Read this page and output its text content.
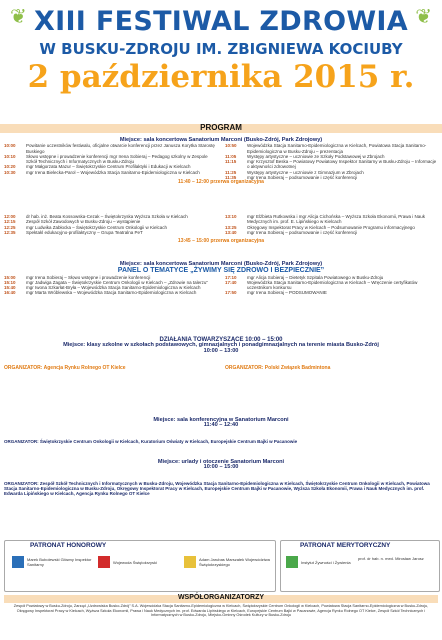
❦	❦
XIII FESTIWAL ZDROWIA
W BUSKU-ZDROJU IM. ZBIGNIEWA KOCIUBY
2 października 2015 r.
PROGRAM
Miejsce: sala koncertowa Sanatorium Marconi (Busko-Zdrój, Park Zdrojowy)
10:00	Powitanie uczestników festiwalu, oficjalne otwarcie konferencji przez Janusza Korytka Starostę Buskiego
10:10	Słowo wstępne i prowadzenie konferencji mgr Irena Sobieraj – Pedagog szkolny w Zespole Szkół Technicznych i Informatycznych w Busku-Zdroju
10:20	mgr Małgorzata Mazur – Świętokrzyskie Centrum Profilaktyki i Edukacji w Kielcach
10:30	mgr Irena Bielecka-Parol – Wojewódzka Stacja Sanitarno-Epidemiologiczna w Kielcach
10:50	Wojewódzka Stacja Sanitarno-Epidemiologiczna w Kielcach, Powiatowa Stacja Sanitarno-Epidemiologiczna w Busku-Zdroju – prezentacja
11:05	Występy artystyczne – uczniowie ze Szkoły Podstawowej w Zbrojach
11:15	mgr Krzysztof Beska – Powiatowy Powiatowy Inspektor Sanitarny w Busku-Zdroju – Informacje o aktywności zdrowotnej
11:25	Występy artystyczne – uczniowie z Gimnazjum w Zbrojach
11:35	mgr Irena Sobieraj – podsumowanie i część konferencji
11:40 – 12:00 przerwa organizacyjna
12:00	dr hab. inż. Beata Kossowska-Cezak – Świętokrzyska Wyższa Szkoła w Kielcach
12:15	Zespół Szkół Zawodowych w Busku-Zdroju – wystąpienie
12:25	mgr Ludwika Zabłocka – Świętokrzyskie Centrum Onkologii w Kielcach
12:35	Spektakl edukacyjno-profilaktyczny – Grupa Teatralna PeT
13:10	mgr Elżbieta Rutkowska i mgr Alicja Cichońska – Wyższa Szkoła Ekonomii, Prawa i Nauk Medycznych im. prof. E. Lipińskiego w Kielcach
13:25	Okręgowy Inspektorat Pracy w Kielcach – Podsumowanie Programu informacyjnego
13:40	mgr Irena Sobieraj – podsumowanie i część konferencji
13:45 – 15:00 przerwa organizacyjna
Miejsce: sala koncertowa Sanatorium Marconi (Busko-Zdrój, Park Zdrojowy)
PANEL O TEMATYCE „ŻYWIMY SIĘ ZDROWO I BEZPIECZNIE”
15:00	mgr Irena Sobieraj – Słowo wstępne i prowadzenie konferencji
15:10	mgr Jadwiga Zagata – Świętokrzyskie Centrum Onkologii w Kielcach – „Zdrowie na talerzu”
15:40	mgr Iwona Szkarłat-Bryła – Wojewódzka Stacja Sanitarno-Epidemiologiczna w Kielcach
16:40	mgr Marta Wróblewska – Wojewódzka Stacja Sanitarno-Epidemiologiczna w Kielcach
17:10	mgr Alicja Sobieraj – Dietetyk Szpitala Powiatowego w Busku-Zdroju
17:40	Wojewódzka Stacja Sanitarno-Epidemiologiczna w Kielcach – Wręczenie certyfikatów uczestnikom konkursu
17:50	mgr Irena Sobieraj – PODSUMOWANIE
DZIAŁANIA TOWARZYSZĄCE 10:00 – 15:00
Miejsce: klasy szkolne w szkołach podstawowych, gimnazjalnych i ponadgimnazjalnych na terenie miasta Busko-Zdrój
10:00 – 13:00
ORGANIZATOR: Agencja Rynku Rolnego OT Kielce	ORGANIZATOR: Polski Związek Badmintona
Miejsce: sala konferencyjna w Sanatorium Marconi
11:40 – 12:40
ORGANIZATOR: Świętokrzyskie Centrum Onkologii w Kielcach, Kuratorium Oświaty w Kielcach, Europejskie Centrum Bajki w Pacanowie
Miejsce: urlady i otoczenie Sanatorium Marconi
10:00 – 15:00
ORGANIZATOR: Zespół Szkół Technicznych i Informatycznych w Busku-Zdroju, Wojewódzka Stacja Sanitarno-Epidemiologiczna w Kielcach, Świętokrzyskie Centrum Onkologii w Kielcach, Powiatowa Stacja Sanitarno-Epidemiologiczna w Busku-Zdroju, Okręgowy Inspektorat Pracy w Kielcach, Europejskie Centrum Bajki w Pacanowie, Wyższa Szkoła Ekonomii, Prawa i Nauk Medycznych im. prof. Edwarda Lipińskiego w Kielcach, Agencja Rynku Rolnego OT Kielce
PATRONAT HONOROWY	PATRONAT MERYTORYCZNY
Marek Bubolewski Główny Inspektor Sanitarny	Wojewoda Świętokrzyski	Adam Jarubas Marszałek Województwa Świętokrzyskiego	Instytut Żywności i Żywienia
prof. dr hab. n. med. Mirosław Jarosz
WSPÓŁORGANIZATORZY
Zespół Powiatowy w Busku-Zdroju, Zarząd „Uzdrowiska Busko-Zdrój” S.A. Wojewódzka Stacja Sanitarno-Epidemiologiczna w Kielcach, Świętokrzyskie Centrum Onkologii w Kielcach, Powiatowa Stacja Sanitarno-Epidemiologiczna w Busku-Zdroju, Okręgowy Inspektorat Pracy w Kielcach, Wyższa Szkoła Ekonomii, Prawa i Nauk Medycznych im. prof. Edwarda Lipińskiego w Kielcach, Europejskie Centrum Bajki w Pacanowie, Agencja Rynku Rolnego OT Kielce, Zespół Szkół Technicznych i Informatycznych w Busku-Zdroju, Miejsko-Gminny Ośrodek Kultury w Busku-Zdroju
